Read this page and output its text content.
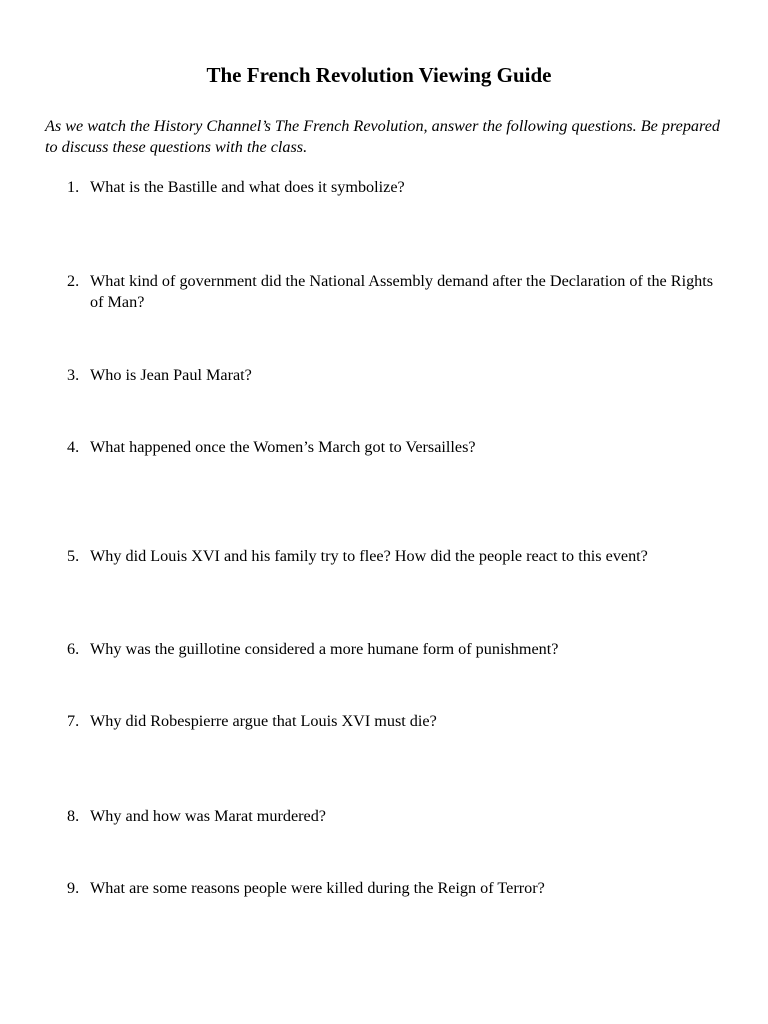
The French Revolution Viewing Guide

As we watch the History Channel’s The French Revolution, answer the following questions. Be prepared to discuss these questions with the class.

1. What is the Bastille and what does it symbolize?
2. What kind of government did the National Assembly demand after the Declaration of the Rights of Man?
3. Who is Jean Paul Marat?
4. What happened once the Women’s March got to Versailles?
5. Why did Louis XVI and his family try to flee? How did the people react to this event?
6. Why was the guillotine considered a more humane form of punishment?
7. Why did Robespierre argue that Louis XVI must die?
8. Why and how was Marat murdered?
9. What are some reasons people were killed during the Reign of Terror?
